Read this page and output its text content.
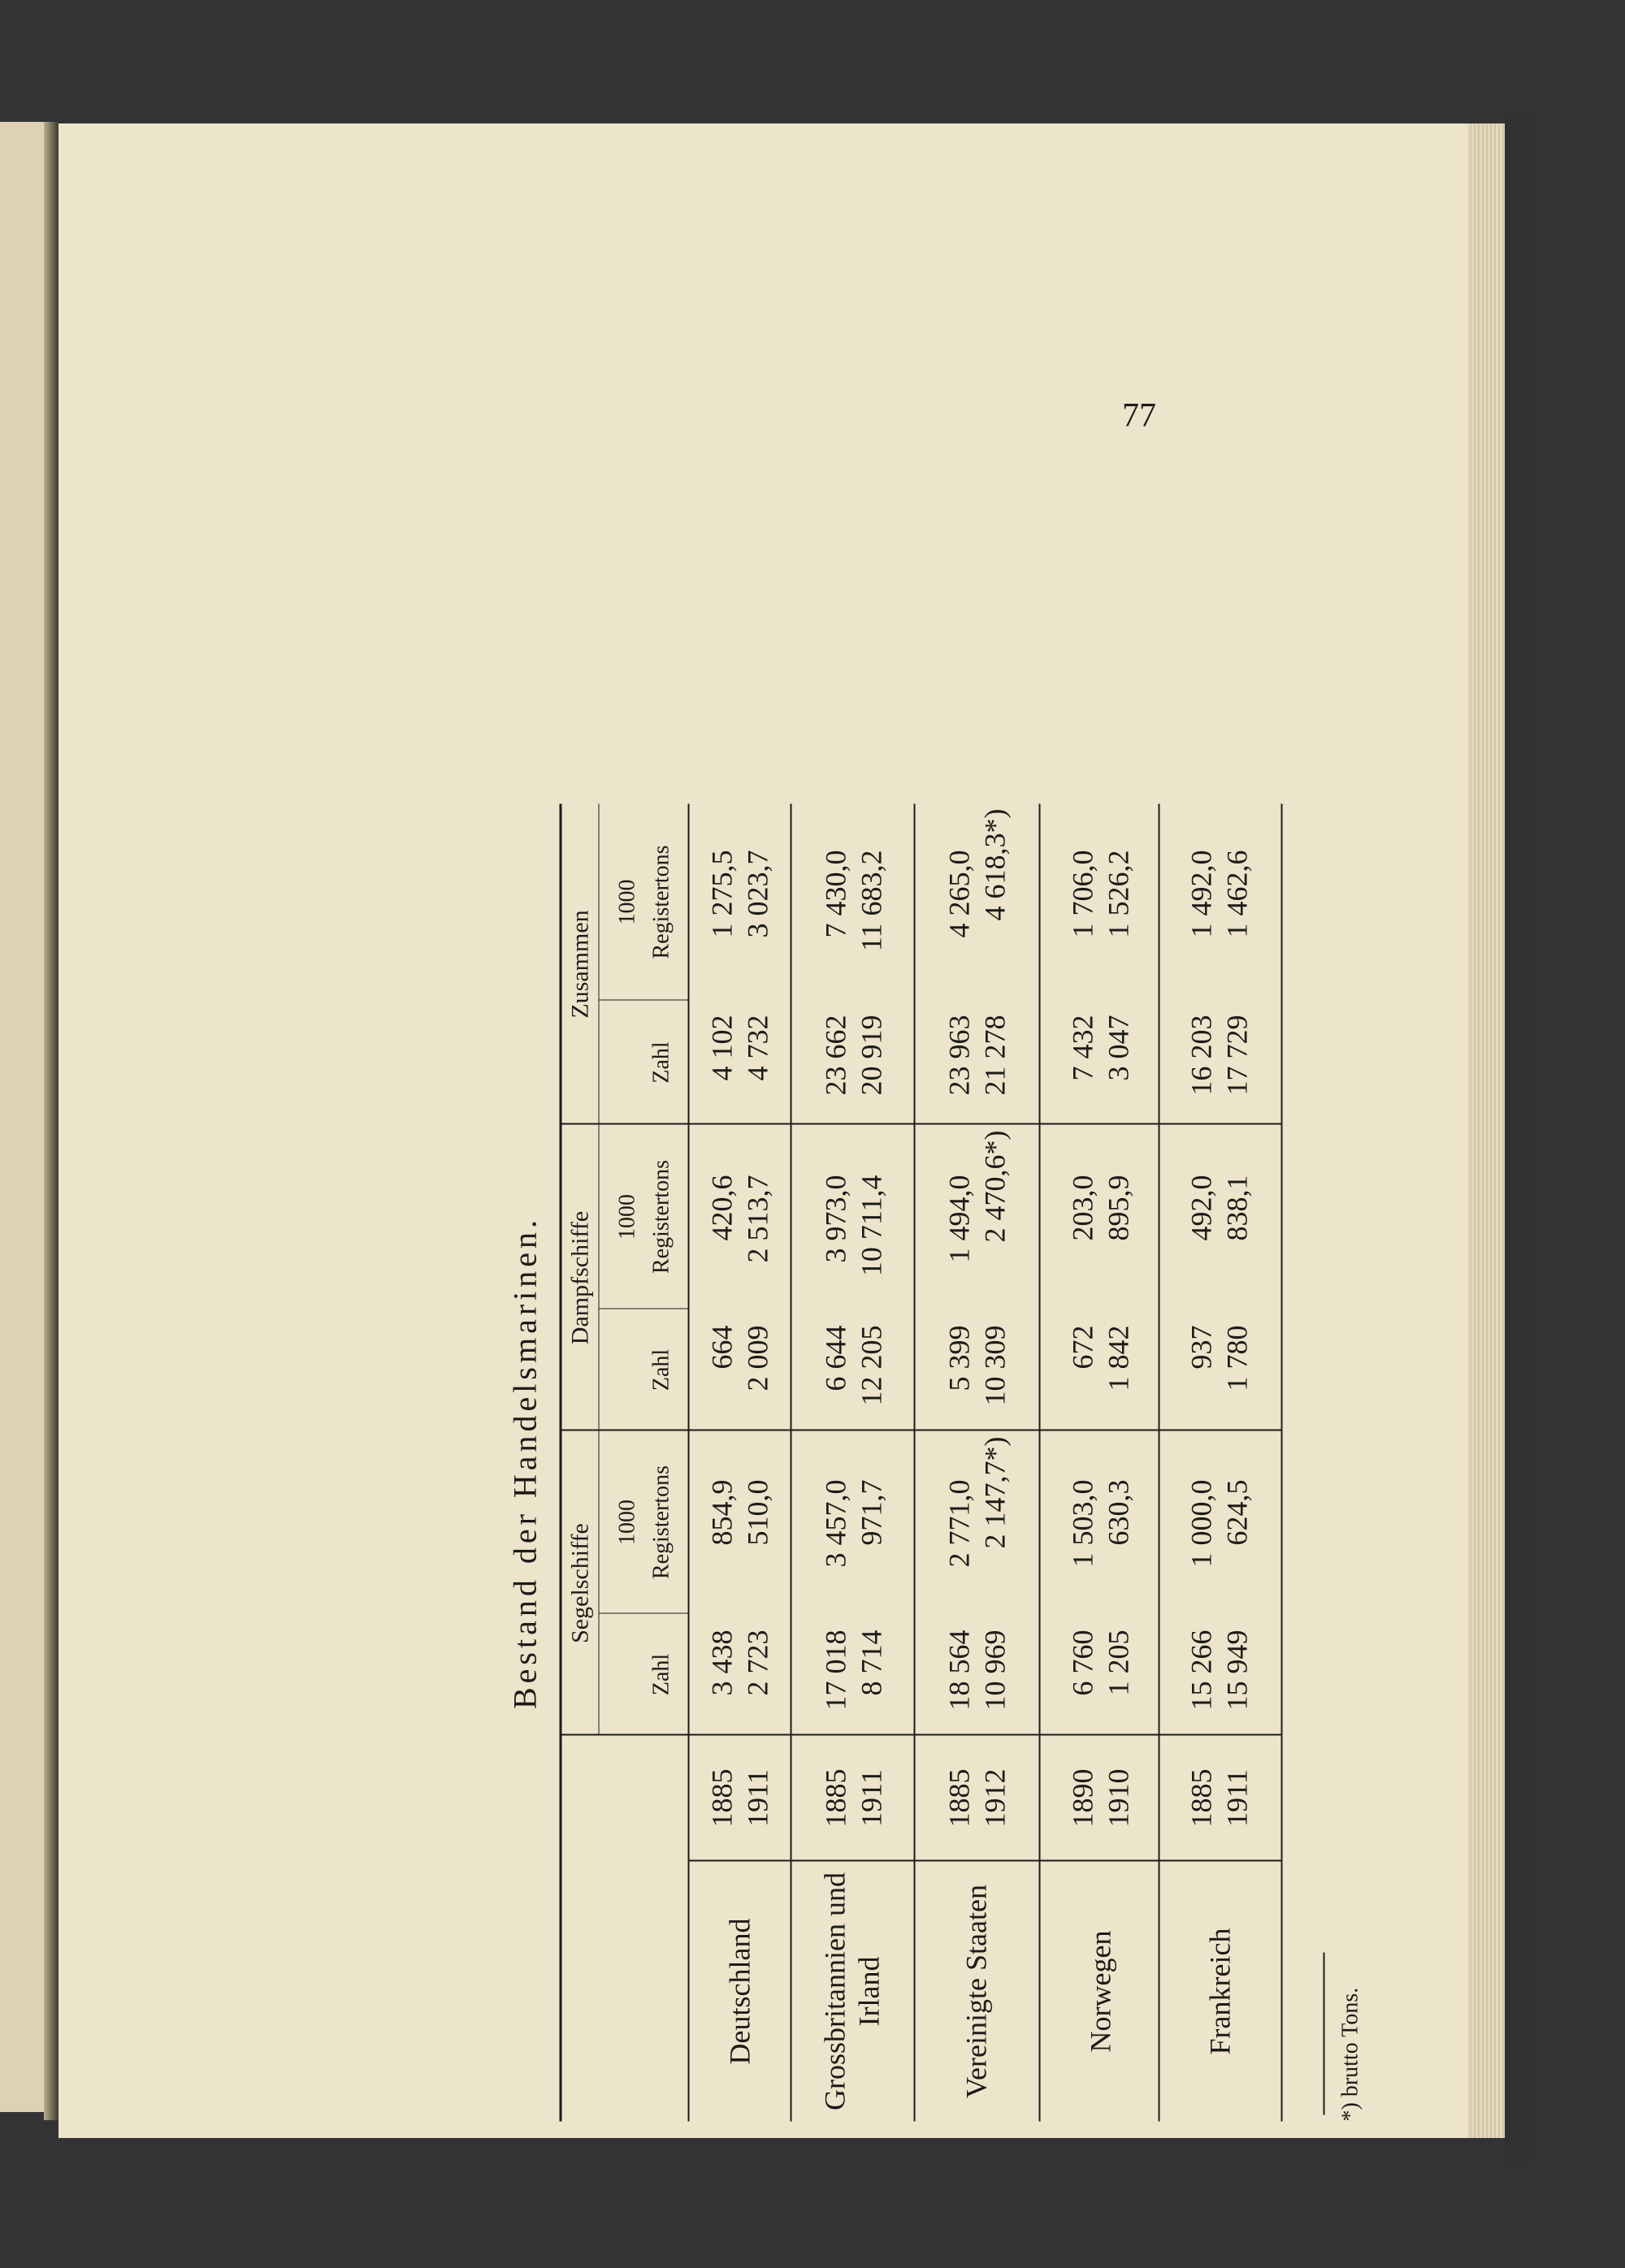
77
Bestand der Handelsmarinen. Segelschiffe
Dampfschiffe
Zusammen
Zahl
1000 Registertons
Zahl
1000 Registertons
Zahl
1000 Registertons
Deutschland
1885 1911
3 438 2 723
854,9 510,0
664 2 009
420,6 2 513,7
4 102 4 732
1 275,5 3 023,7
Grossbritannien und Irland
1885 1911
17 018 8 714
3 457,0 971,7
6 644 12 205
3 973,0 10 711,4
23 662 20 919
7 430,0 11 683,2
Vereinigte Staaten
1885 1912
18 564 10 969
2 771,0 2 147,7*)
5 399 10 309
1 494,0 2 470,6*)
23 963 21 278
4 265,0 4 618,3*)
Norwegen
1890 1910
6 760 1 205
1 503,0 630,3
672 1 842
203,0 895,9
7 432 3 047
1 706,0 1 526,2
Frankreich
1885 1911
15 266 15 949
1 000,0 624,5
937 1 780
492,0 838,1
16 203 17 729
1 492,0 1 462,6
*) brutto Tons.
